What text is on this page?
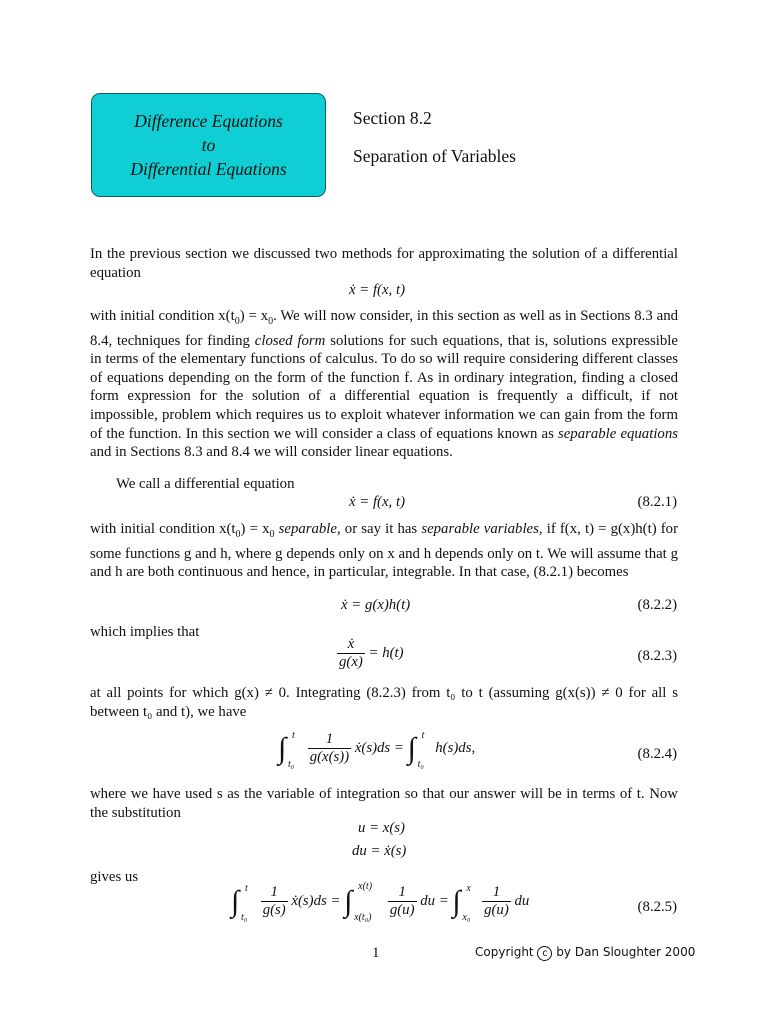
Difference Equations
to
Differential Equations
Section 8.2
Separation of Variables
In the previous section we discussed two methods for approximating the solution of a differential equation
ẋ = f(x, t)
with initial condition $x(t_0) = x_0$. We will now consider, in this section as well as in Sections 8.3 and 8.4, techniques for finding closed form solutions for such equations, that is, solutions expressible in terms of the elementary functions of calculus. To do so will require considering different classes of equations depending on the form of the function f. As in ordinary integration, finding a closed form expression for the solution of a differential equation is frequently a difficult, if not impossible, problem which requires us to exploit whatever information we can gain from the form of the function. In this section we will consider a class of equations known as separable equations and in Sections 8.3 and 8.4 we will consider linear equations.
We call a differential equation
ẋ = f(x, t)	(8.2.1)
with initial condition $x(t_0) = x_0$ separable, or say it has separable variables, if f(x, t) = g(x)h(t) for some functions g and h, where g depends only on x and h depends only on t. We will assume that g and h are both continuous and hence, in particular, integrable. In that case, (8.2.1) becomes
ẋ = g(x)h(t)	(8.2.2)
which implies that
$\frac{\text{ẋ}}{g(x)} = h(t)$	(8.2.3)
at all points for which g(x) ≠ 0. Integrating (8.2.3) from t₀ to t (assuming g(x(s)) ≠ 0 for all s between t₀ and t), we have
∫ t
t₀
$\frac{1}{g(x(s))}$ ẋ(s)ds = ∫ t
t₀
h(s)ds,	(8.2.4)
where we have used s as the variable of integration so that our answer will be in terms of t. Now the substitution
u = x(s)
du = ẋ(s)
gives us
∫ t
t₀
$\frac{1}{g(s)}$ ẋ(s)ds = ∫ x(t)
x(t₀)
$\frac{1}{g(u)}$ du = ∫ x
x₀
$\frac{1}{g(u)}$ du	(8.2.5)
1	Copyright c by Dan Sloughter 2000
